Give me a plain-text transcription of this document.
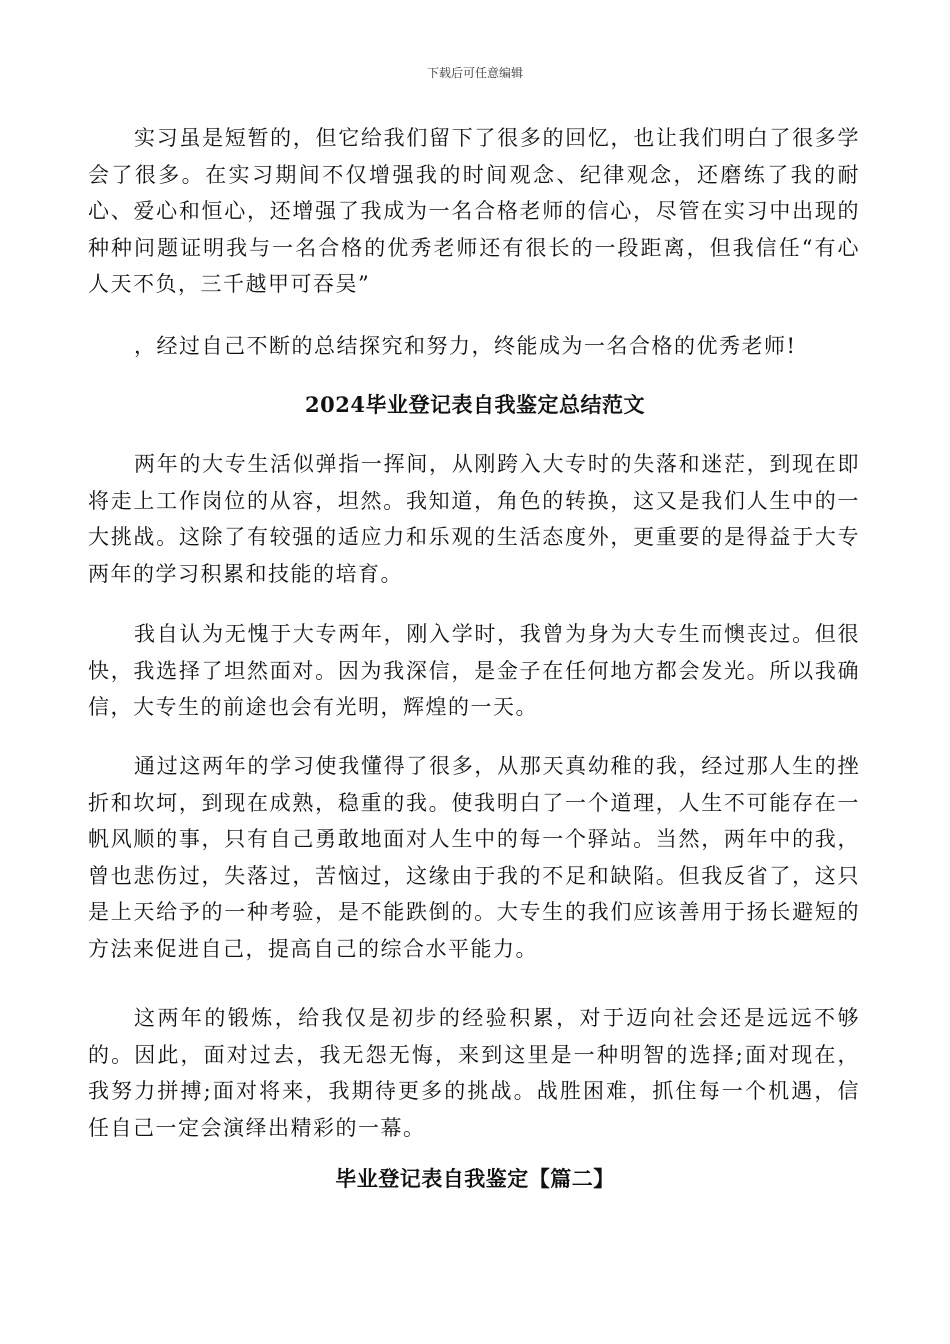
下载后可任意编辑
实习虽是短暂的，但它给我们留下了很多的回忆，也让我们明白了很多学会了很多。在实习期间不仅增强我的时间观念、纪律观念，还磨练了我的耐心、爱心和恒心，还增强了我成为一名合格老师的信心，尽管在实习中出现的种种问题证明我与一名合格的优秀老师还有很长的一段距离，但我信任“有心人天不负，三千越甲可吞吴”
，经过自己不断的总结探究和努力，终能成为一名合格的优秀老师!
2024毕业登记表自我鉴定总结范文
两年的大专生活似弹指一挥间，从刚跨入大专时的失落和迷茫，到现在即将走上工作岗位的从容，坦然。我知道，角色的转换，这又是我们人生中的一大挑战。这除了有较强的适应力和乐观的生活态度外，更重要的是得益于大专两年的学习积累和技能的培育。
我自认为无愧于大专两年，刚入学时，我曾为身为大专生而懊丧过。但很快，我选择了坦然面对。因为我深信，是金子在任何地方都会发光。所以我确信，大专生的前途也会有光明，辉煌的一天。
通过这两年的学习使我懂得了很多，从那天真幼稚的我，经过那人生的挫折和坎坷，到现在成熟，稳重的我。使我明白了一个道理，人生不可能存在一帆风顺的事，只有自己勇敢地面对人生中的每一个驿站。当然，两年中的我，曾也悲伤过，失落过，苦恼过，这缘由于我的不足和缺陷。但我反省了，这只是上天给予的一种考验，是不能跌倒的。大专生的我们应该善用于扬长避短的方法来促进自己，提高自己的综合水平能力。
这两年的锻炼，给我仅是初步的经验积累，对于迈向社会还是远远不够的。因此，面对过去，我无怨无悔，来到这里是一种明智的选择;面对现在，我努力拼搏;面对将来，我期待更多的挑战。战胜困难，抓住每一个机遇，信任自己一定会演绎出精彩的一幕。
毕业登记表自我鉴定【篇二】
